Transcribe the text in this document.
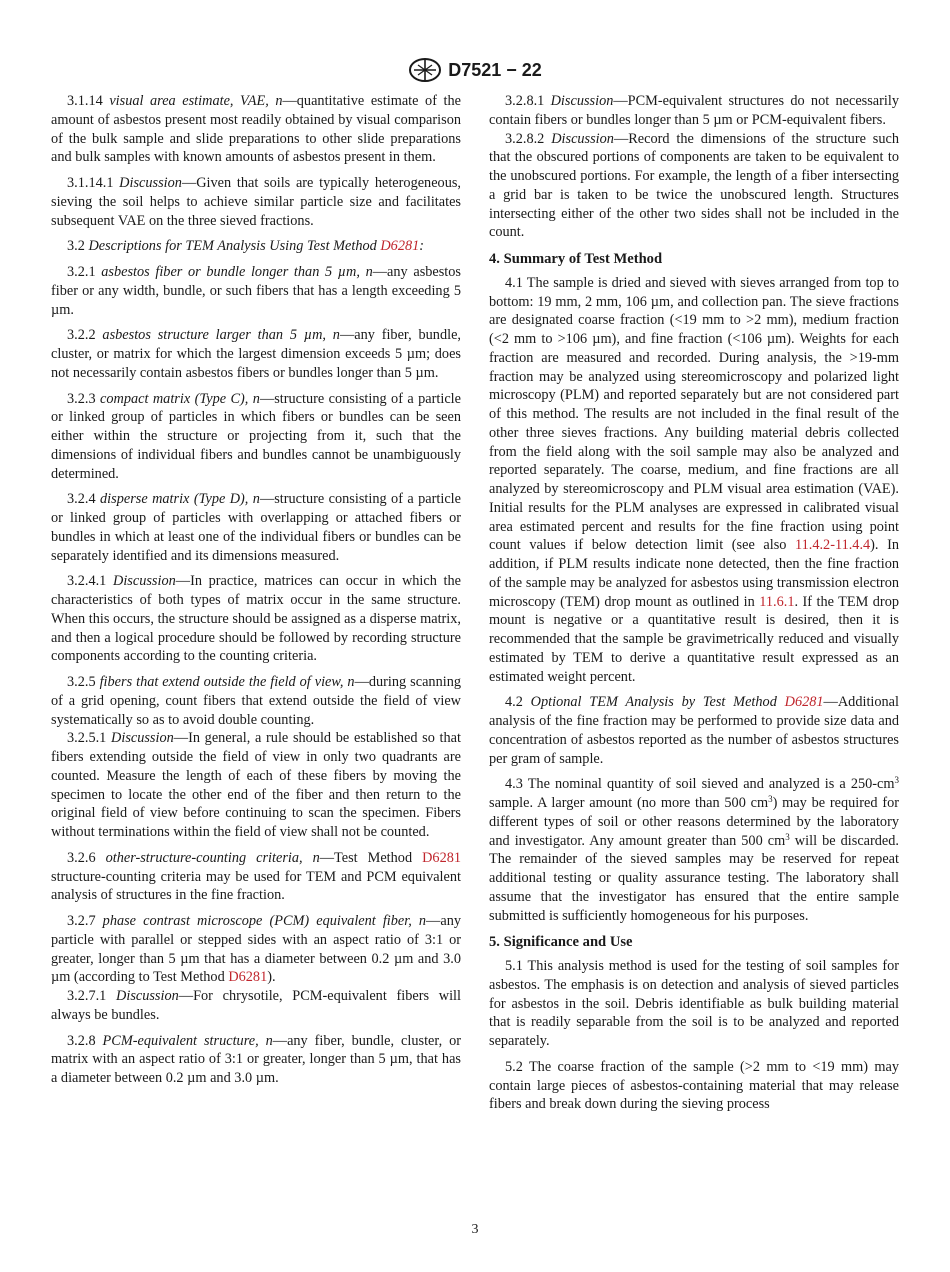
D7521 − 22

3.1.14 visual area estimate, VAE, n—quantitative estimate of the amount of asbestos present most readily obtained by visual comparison of the bulk sample and slide preparations to other slide preparations and bulk samples with known amounts of asbestos present in them.

3.1.14.1 Discussion—Given that soils are typically heterogeneous, sieving the soil helps to achieve similar particle size and facilitates subsequent VAE on the three sieved fractions.

3.2 Descriptions for TEM Analysis Using Test Method D6281:

3.2.1 asbestos fiber or bundle longer than 5 µm, n—any asbestos fiber or any width, bundle, or such fibers that has a length exceeding 5 µm.

3.2.2 asbestos structure larger than 5 µm, n—any fiber, bundle, cluster, or matrix for which the largest dimension exceeds 5 µm; does not necessarily contain asbestos fibers or bundles longer than 5 µm.

3.2.3 compact matrix (Type C), n—structure consisting of a particle or linked group of particles in which fibers or bundles can be seen either within the structure or projecting from it, such that the dimensions of individual fibers and bundles cannot be unambiguously determined.

3.2.4 disperse matrix (Type D), n—structure consisting of a particle or linked group of particles with overlapping or attached fibers or bundles in which at least one of the individual fibers or bundles can be separately identified and its dimensions measured.

3.2.4.1 Discussion—In practice, matrices can occur in which the characteristics of both types of matrix occur in the same structure. When this occurs, the structure should be assigned as a disperse matrix, and then a logical procedure should be followed by recording structure components according to the counting criteria.

3.2.5 fibers that extend outside the field of view, n—during scanning of a grid opening, count fibers that extend outside the field of view systematically so as to avoid double counting.

3.2.5.1 Discussion—In general, a rule should be established so that fibers extending outside the field of view in only two quadrants are counted. Measure the length of each of these fibers by moving the specimen to locate the other end of the fiber and then return to the original field of view before continuing to scan the specimen. Fibers without terminations within the field of view shall not be counted.

3.2.6 other-structure-counting criteria, n—Test Method D6281 structure-counting criteria may be used for TEM and PCM equivalent analysis of structures in the fine fraction.

3.2.7 phase contrast microscope (PCM) equivalent fiber, n—any particle with parallel or stepped sides with an aspect ratio of 3:1 or greater, longer than 5 µm that has a diameter between 0.2 µm and 3.0 µm (according to Test Method D6281).

3.2.7.1 Discussion—For chrysotile, PCM-equivalent fibers will always be bundles.

3.2.8 PCM-equivalent structure, n—any fiber, bundle, cluster, or matrix with an aspect ratio of 3:1 or greater, longer than 5 µm, that has a diameter between 0.2 µm and 3.0 µm.

3.2.8.1 Discussion—PCM-equivalent structures do not necessarily contain fibers or bundles longer than 5 µm or PCM-equivalent fibers.

3.2.8.2 Discussion—Record the dimensions of the structure such that the obscured portions of components are taken to be equivalent to the unobscured portions. For example, the length of a fiber intersecting a grid bar is taken to be twice the unobscured length. Structures intersecting either of the other two sides shall not be included in the count.

4. Summary of Test Method

4.1 The sample is dried and sieved with sieves arranged from top to bottom: 19 mm, 2 mm, 106 µm, and collection pan. The sieve fractions are designated coarse fraction (<19 mm to >2 mm), medium fraction (<2 mm to >106 µm), and fine fraction (<106 µm). Weights for each fraction are measured and recorded. During analysis, the >19-mm fraction may be analyzed using stereomicroscopy and polarized light microscopy (PLM) and reported separately but are not considered part of this method. The results are not included in the final result of the other three sieves fractions. Any building material debris collected from the field along with the soil sample may also be analyzed and reported separately. The coarse, medium, and fine fractions are all analyzed by stereomicroscopy and PLM visual area estimation (VAE). Initial results for the PLM analyses are expressed in calibrated visual area estimated percent and results for the fine fraction using point count values if below detection limit (see also 11.4.2-11.4.4). In addition, if PLM results indicate none detected, then the fine fraction of the sample may be analyzed for asbestos using transmission electron microscopy (TEM) drop mount as outlined in 11.6.1. If the TEM drop mount is negative or a quantitative result is desired, then it is recommended that the sample be gravimetrically reduced and visually estimated by TEM to derive a quantitative result expressed as an estimated weight percent.

4.2 Optional TEM Analysis by Test Method D6281—Additional analysis of the fine fraction may be performed to provide size data and concentration of asbestos reported as the number of asbestos structures per gram of sample.

4.3 The nominal quantity of soil sieved and analyzed is a $250-cm^3$ sample. A larger amount (no more than 500 $cm^3$) may be required for different types of soil or other reasons determined by the laboratory and investigator. Any amount greater than 500 $cm^3$ will be discarded. The remainder of the sieved samples may be reserved for repeat additional testing or quality assurance testing. The laboratory shall assume that the investigator has ensured that the entire sample submitted is sufficiently homogeneous for his purposes.

5. Significance and Use

5.1 This analysis method is used for the testing of soil samples for asbestos. The emphasis is on detection and analysis of sieved particles for asbestos in the soil. Debris identifiable as bulk building material that is readily separable from the soil is to be analyzed and reported separately.

5.2 The coarse fraction of the sample (>2 mm to <19 mm) may contain large pieces of asbestos-containing material that may release fibers and break down during the sieving process

3
